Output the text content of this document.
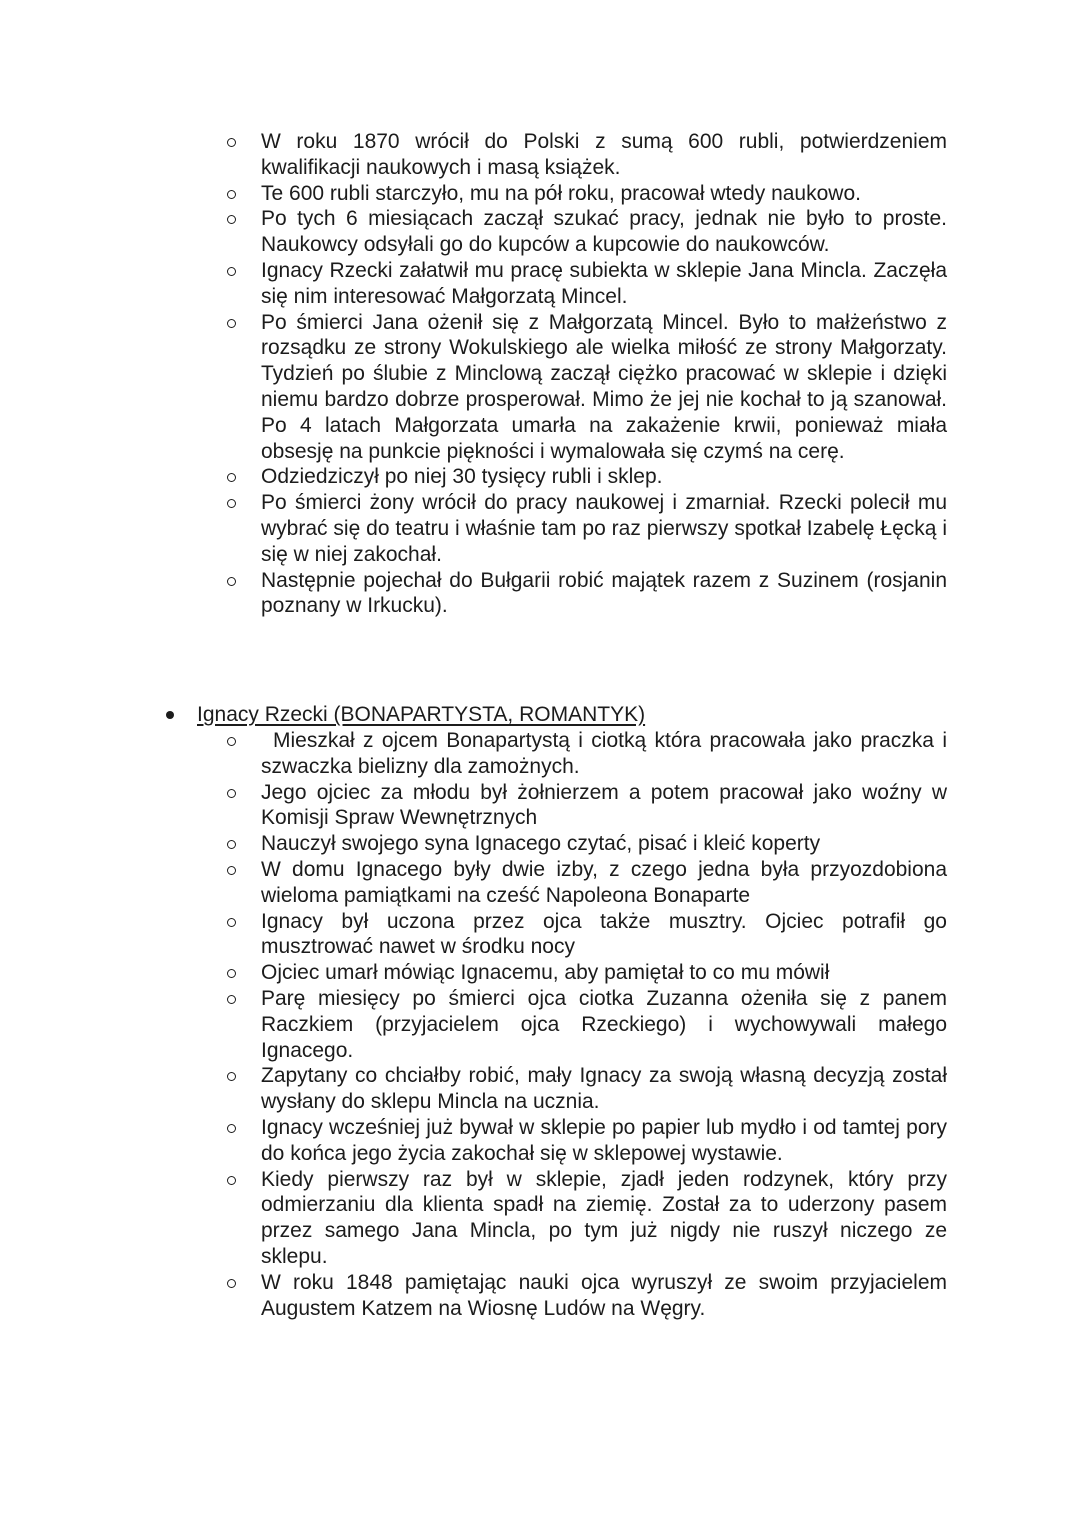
W roku 1870 wrócił do Polski z sumą 600 rubli, potwierdzeniem kwalifikacji naukowych i masą książek.
Te 600 rubli starczyło, mu na pół roku, pracował wtedy naukowo.
Po tych 6 miesiącach zaczął szukać pracy, jednak nie było to proste. Naukowcy odsyłali go do kupców a kupcowie do naukowców.
Ignacy Rzecki załatwił mu pracę subiekta w sklepie Jana Mincla. Zaczęła się nim interesować Małgorzatą Mincel.
Po śmierci Jana ożenił się z Małgorzatą Mincel. Było to małżeństwo z rozsądku ze strony Wokulskiego ale wielka miłość ze strony Małgorzaty. Tydzień po ślubie z Minclową zaczął ciężko pracować w sklepie i dzięki niemu bardzo dobrze prosperował. Mimo że jej nie kochał to ją szanował. Po 4 latach Małgorzata umarła na zakażenie krwii, ponieważ miała obsesję na punkcie piękności i wymalowała się czymś na cerę.
Odziedziczył po niej 30 tysięcy rubli i sklep.
Po śmierci żony wrócił do pracy naukowej i zmarniał. Rzecki polecił mu wybrać się do teatru i właśnie tam po raz pierwszy spotkał Izabelę Łęcką i się w niej zakochał.
Następnie pojechał do Bułgarii robić majątek razem z Suzinem (rosjanin poznany w Irkucku).
Ignacy Rzecki (BONAPARTYSTA, ROMANTYK)
Mieszkał z ojcem Bonapartystą i ciotką która pracowała jako praczka i szwaczka bielizny dla zamożnych.
Jego ojciec za młodu był żołnierzem a potem pracował jako woźny w Komisji Spraw Wewnętrznych
Nauczył swojego syna Ignacego czytać, pisać i kleić koperty
W domu Ignacego były dwie izby, z czego jedna była przyozdobiona wieloma pamiątkami na cześć Napoleona Bonaparte
Ignacy był uczona przez ojca także musztry. Ojciec potrafił go musztrować nawet w środku nocy
Ojciec umarł mówiąc Ignacemu, aby pamiętał to co mu mówił
Parę miesięcy po śmierci ojca ciotka Zuzanna ożeniła się z panem Raczkiem (przyjacielem ojca Rzeckiego) i wychowywali małego Ignacego.
Zapytany co chciałby robić, mały Ignacy za swoją własną decyzją został wysłany do sklepu Mincla na ucznia.
Ignacy wcześniej już bywał w sklepie po papier lub mydło i od tamtej pory do końca jego życia zakochał się w sklepowej wystawie.
Kiedy pierwszy raz był w sklepie, zjadł jeden rodzynek, który przy odmierzaniu dla klienta spadł na ziemię. Został za to uderzony pasem przez samego Jana Mincla, po tym już nigdy nie ruszył niczego ze sklepu.
W roku 1848 pamiętając nauki ojca wyruszył ze swoim przyjacielem Augustem Katzem na Wiosnę Ludów na Węgry.
